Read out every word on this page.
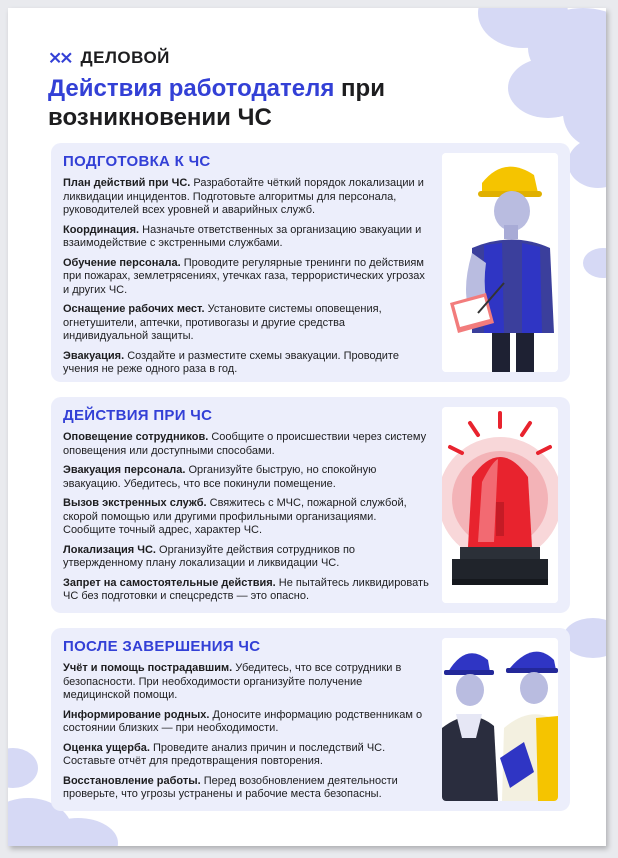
⨯⨯ ДЕЛОВОЙ
Действия работодателя при возникновении ЧС
ПОДГОТОВКА К ЧС
План действий при ЧС. Разработайте чёткий порядок локализации и ликвидации инцидентов. Подготовьте алгоритмы для персонала, руководителей всех уровней и аварийных служб.
Координация. Назначьте ответственных за организацию эвакуации и взаимодействие с экстренными службами.
Обучение персонала. Проводите регулярные тренинги по действиям при пожарах, землетрясениях, утечках газа, террористических угрозах и других ЧС.
Оснащение рабочих мест. Установите системы оповещения, огнетушители, аптечки, противогазы и другие средства индивидуальной защиты.
Эвакуация. Создайте и разместите схемы эвакуации. Проводите учения не реже одного раза в год.
ДЕЙСТВИЯ ПРИ ЧС
Оповещение сотрудников. Сообщите о происшествии через систему оповещения или доступными способами.
Эвакуация персонала. Организуйте быструю, но спокойную эвакуацию. Убедитесь, что все покинули помещение.
Вызов экстренных служб. Свяжитесь с МЧС, пожарной службой, скорой помощью или другими профильными организациями. Сообщите точный адрес, характер ЧС.
Локализация ЧС. Организуйте действия сотрудников по утвержденному плану локализации и ликвидации ЧС.
Запрет на самостоятельные действия. Не пытайтесь ликвидировать ЧС без подготовки и спецсредств — это опасно.
ПОСЛЕ ЗАВЕРШЕНИЯ ЧС
Учёт и помощь пострадавшим. Убедитесь, что все сотрудники в безопасности. При необходимости организуйте получение медицинской помощи.
Информирование родных. Доносите информацию родственникам о состоянии близких — при необходимости.
Оценка ущерба. Проведите анализ причин и последствий ЧС. Составьте отчёт для предотвращения повторения.
Восстановление работы. Перед возобновлением деятельности проверьте, что угрозы устранены и рабочие места безопасны.
